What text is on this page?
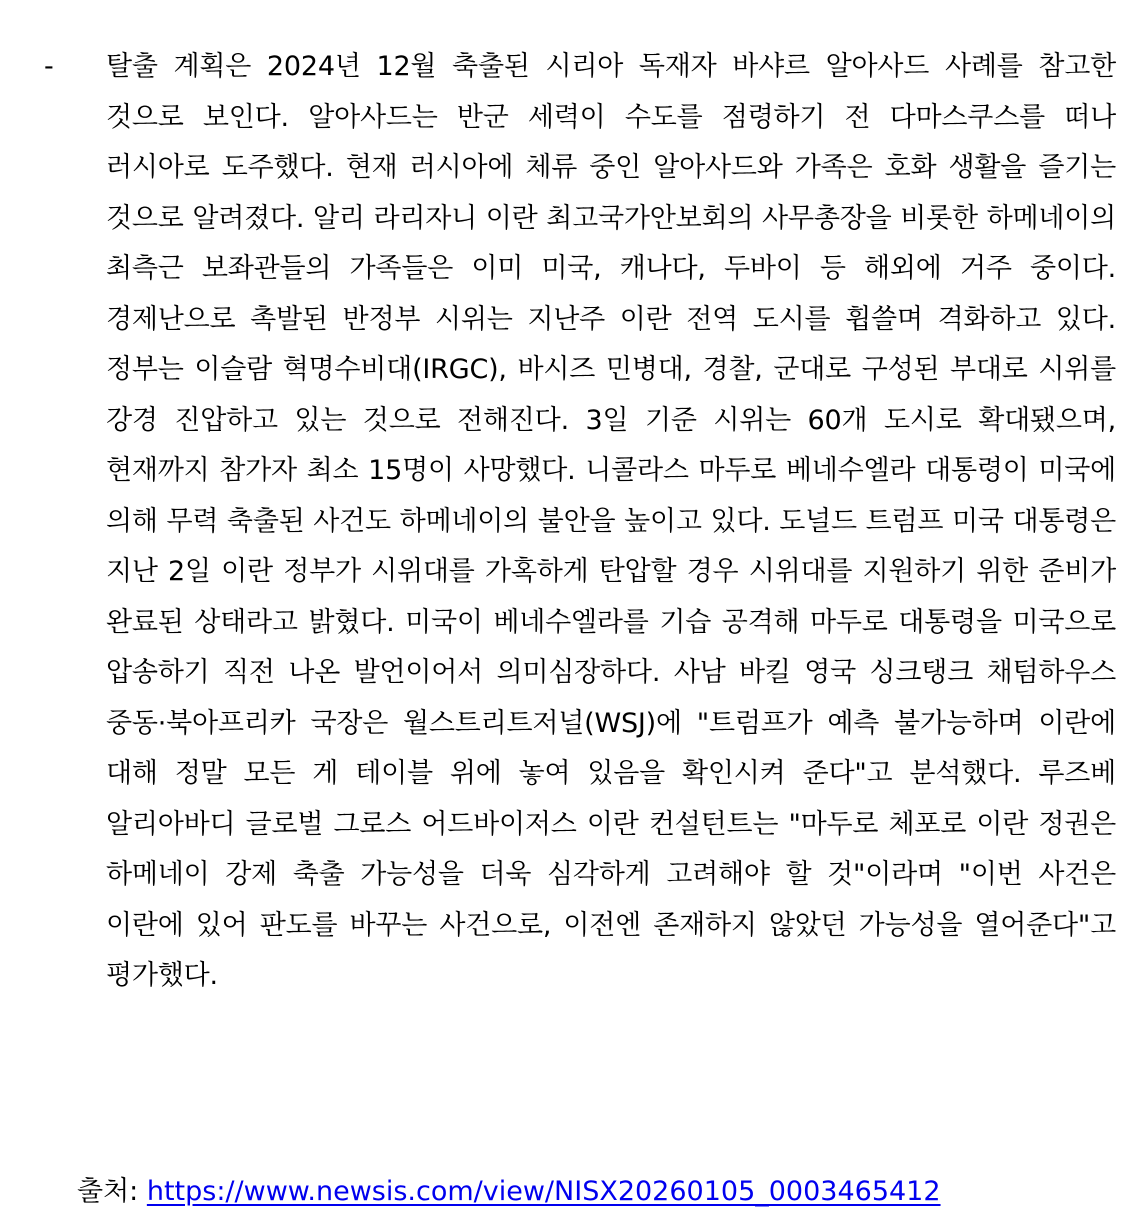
- 탈출 계획은 2024년 12월 축출된 시리아 독재자 바샤르 알아사드 사례를 참고한 것으로 보인다. 알아사드는 반군 세력이 수도를 점령하기 전 다마스쿠스를 떠나 러시아로 도주했다. 현재 러시아에 체류 중인 알아사드와 가족은 호화 생활을 즐기는 것으로 알려졌다. 알리 라리자니 이란 최고국가안보회의 사무총장을 비롯한 하메네이의 최측근 보좌관들의 가족들은 이미 미국, 캐나다, 두바이 등 해외에 거주 중이다. 경제난으로 촉발된 반정부 시위는 지난주 이란 전역 도시를 휩쓸며 격화하고 있다. 정부는 이슬람 혁명수비대(IRGC), 바시즈 민병대, 경찰, 군대로 구성된 부대로 시위를 강경 진압하고 있는 것으로 전해진다. 3일 기준 시위는 60개 도시로 확대됐으며, 현재까지 참가자 최소 15명이 사망했다. 니콜라스 마두로 베네수엘라 대통령이 미국에 의해 무력 축출된 사건도 하메네이의 불안을 높이고 있다. 도널드 트럼프 미국 대통령은 지난 2일 이란 정부가 시위대를 가혹하게 탄압할 경우 시위대를 지원하기 위한 준비가 완료된 상태라고 밝혔다. 미국이 베네수엘라를 기습 공격해 마두로 대통령을 미국으로 압송하기 직전 나온 발언이어서 의미심장하다. 사남 바킬 영국 싱크탱크 채텀하우스 중동·북아프리카 국장은 월스트리트저널(WSJ)에 "트럼프가 예측 불가능하며 이란에 대해 정말 모든 게 테이블 위에 놓여 있음을 확인시켜 준다"고 분석했다. 루즈베 알리아바디 글로벌 그로스 어드바이저스 이란 컨설턴트는 "마두로 체포로 이란 정권은 하메네이 강제 축출 가능성을 더욱 심각하게 고려해야 할 것"이라며 "이번 사건은 이란에 있어 판도를 바꾸는 사건으로, 이전엔 존재하지 않았던 가능성을 열어준다"고 평가했다.

출처: https://www.newsis.com/view/NISX20260105_0003465412
